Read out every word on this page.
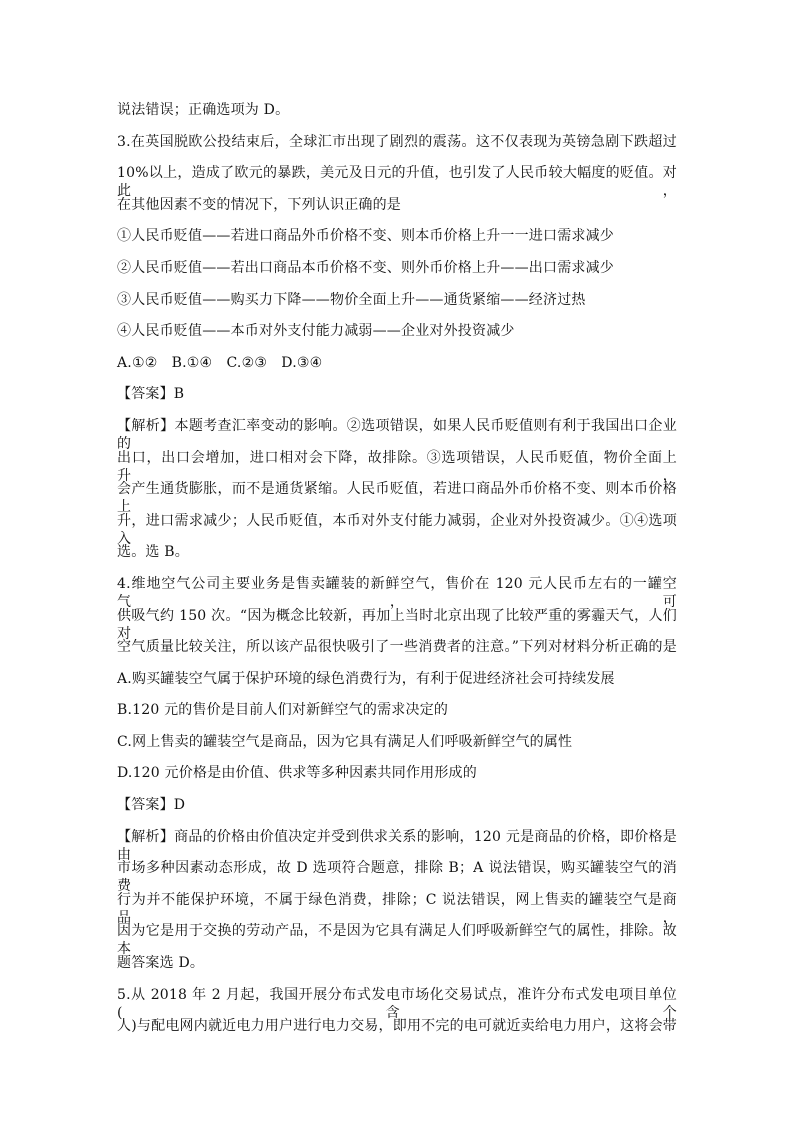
说法错误；正确选项为 D。
3.在英国脱欧公投结束后，全球汇市出现了剧烈的震荡。这不仅表现为英镑急剧下跌超过
10%以上，造成了欧元的暴跌，美元及日元的升值，也引发了人民币较大幅度的贬值。对此，
在其他因素不变的情况下，下列认识正确的是
①人民币贬值——若进口商品外币价格不变、则本币价格上升一一进口需求减少
②人民币贬值——若出口商品本币价格不变、则外币价格上升——出口需求减少
③人民币贬值——购买力下降——物价全面上升——通货紧缩——经济过热
④人民币贬值——本币对外支付能力减弱——企业对外投资减少
A.①②　B.①④　C.②③　D.③④
【答案】B
【解析】本题考查汇率变动的影响。②选项错误，如果人民币贬值则有利于我国出口企业的
出口，出口会增加，进口相对会下降，故排除。③选项错误，人民币贬值，物价全面上升，
会产生通货膨胀，而不是通货紧缩。人民币贬值，若进口商品外币价格不变、则本币价格上
升，进口需求减少；人民币贬值，本币对外支付能力减弱，企业对外投资减少。①④选项入
选。选 B。
4.维地空气公司主要业务是售卖罐装的新鲜空气，售价在 120 元人民币左右的一罐空气，可
供吸气约 150 次。“因为概念比较新，再加上当时北京出现了比较严重的雾霾天气，人们对
空气质量比较关注，所以该产品很快吸引了一些消费者的注意。”下列对材料分析正确的是
A.购买罐装空气属于保护环境的绿色消费行为，有利于促进经济社会可持续发展
B.120 元的售价是目前人们对新鲜空气的需求决定的
C.网上售卖的罐装空气是商品，因为它具有满足人们呼吸新鲜空气的属性
D.120 元价格是由价值、供求等多种因素共同作用形成的
【答案】D
【解析】商品的价格由价值决定并受到供求关系的影响，120 元是商品的价格，即价格是由
市场多种因素动态形成，故 D 选项符合题意，排除 B；A 说法错误，购买罐装空气的消费
行为并不能保护环境，不属于绿色消费，排除；C 说法错误，网上售卖的罐装空气是商品，
因为它是用于交换的劳动产品，不是因为它具有满足人们呼吸新鲜空气的属性，排除。故本
题答案选 D。
5.从 2018 年 2 月起，我国开展分布式发电市场化交易试点，准许分布式发电项目单位(含个
人)与配电网内就近电力用户进行电力交易，即用不完的电可就近卖给电力用户，这将会带
